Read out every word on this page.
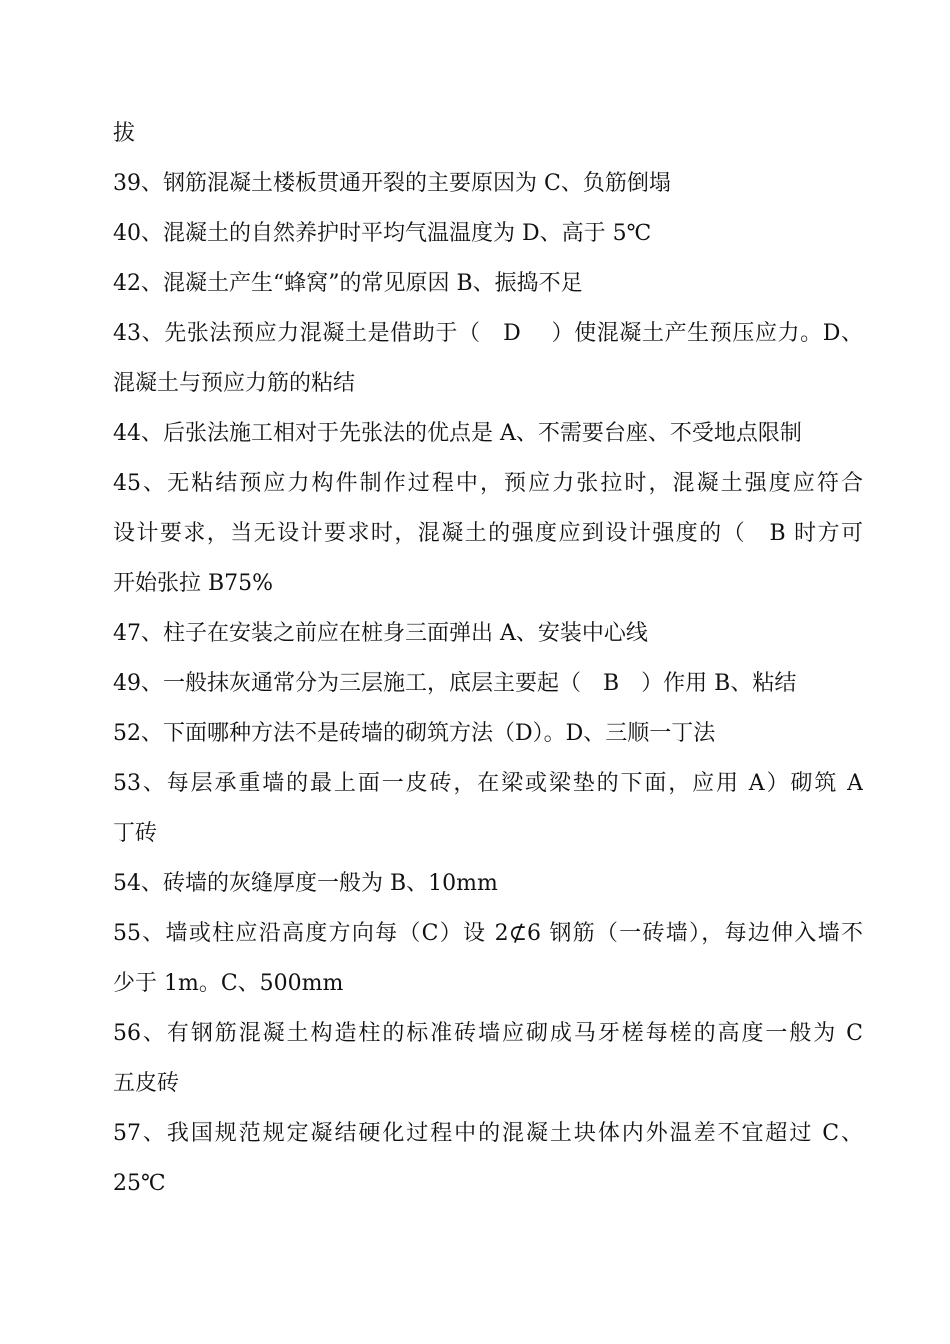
拔
39、钢筋混凝土楼板贯通开裂的主要原因为 C、负筋倒塌
40、混凝土的自然养护时平均气温温度为 D、高于 5℃
42、混凝土产生“蜂窝”的常见原因 B、振捣不足
43、先张法预应力混凝土是借助于（　D　 ）使混凝土产生预压应力。D、
混凝土与预应力筋的粘结
44、后张法施工相对于先张法的优点是 A、不需要台座、不受地点限制
45、无粘结预应力构件制作过程中，预应力张拉时，混凝土强度应符合
设计要求，当无设计要求时，混凝土的强度应到设计强度的（　B 时方可
开始张拉 B75%
47、柱子在安装之前应在桩身三面弹出 A、安装中心线
49、一般抹灰通常分为三层施工，底层主要起（　B　）作用 B、粘结
52、下面哪种方法不是砖墙的砌筑方法（D）。D、三顺一丁法
53、每层承重墙的最上面一皮砖，在梁或梁垫的下面，应用 A）砌筑 A
丁砖
54、砖墙的灰缝厚度一般为 B、10mm
55、墙或柱应沿高度方向每（C）设 2⊄6 钢筋（一砖墙），每边伸入墙不
少于 1m。C、500mm
56、有钢筋混凝土构造柱的标准砖墙应砌成马牙槎每槎的高度一般为 C
五皮砖
57、我国规范规定凝结硬化过程中的混凝土块体内外温差不宜超过 C、
25℃
